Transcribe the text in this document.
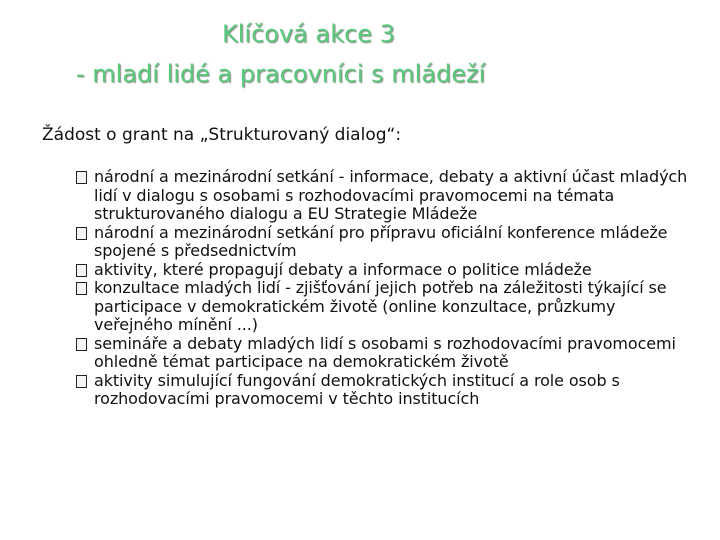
Klíčová akce 3
- mladí lidé a pracovníci s mládeží
Žádost o grant na „Strukturovaný dialog“:
národní a mezinárodní setkání - informace, debaty a aktivní účast mladých lidí v dialogu s osobami s rozhodovacími pravomocemi na témata strukturovaného dialogu a EU Strategie Mládeže
národní a mezinárodní setkání pro přípravu oficiální konference mládeže spojené s předsednictvím
aktivity, které propagují debaty a informace o politice mládeže
konzultace mladých lidí - zjišťování jejich potřeb na záležitosti týkající se participace v demokratickém životě (online konzultace, průzkumy veřejného mínění ...)
semináře a debaty mladých lidí s osobami s rozhodovacími pravomocemi ohledně témat participace na demokratickém životě
aktivity simulující fungování demokratických institucí a role osob s rozhodovacími pravomocemi v těchto institucích
